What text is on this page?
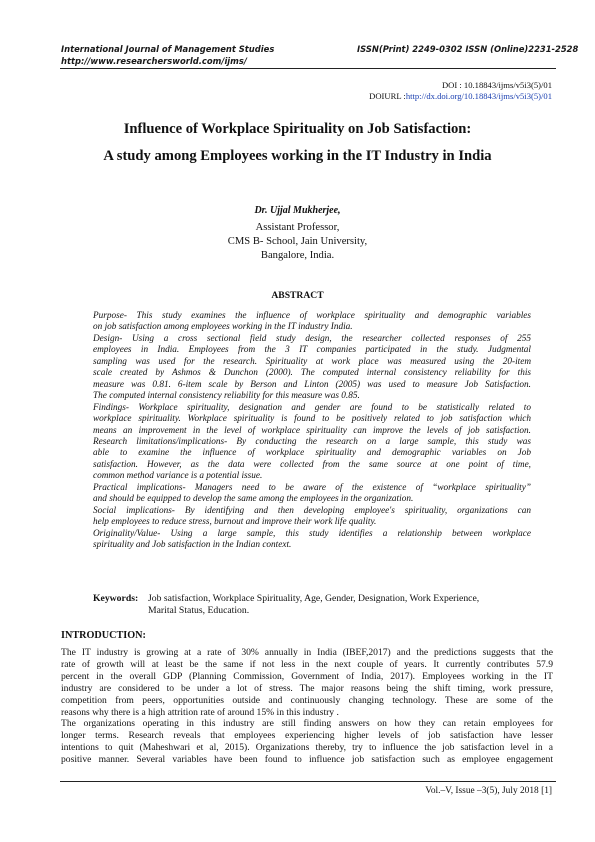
International Journal of Management Studies	ISSN(Print) 2249-0302 ISSN (Online)2231-2528
http://www.researchersworld.com/ijms/
DOI : 10.18843/ijms/v5i3(5)/01
DOIURL :http://dx.doi.org/10.18843/ijms/v5i3(5)/01
Influence of Workplace Spirituality on Job Satisfaction:
A study among Employees working in the IT Industry in India
Dr. Ujjal Mukherjee,
Assistant Professor,
CMS B- School, Jain University,
Bangalore, India.
ABSTRACT
Purpose- This study examines the influence of workplace spirituality and demographic variables
on job satisfaction among employees working in the IT industry India.
Design- Using a cross sectional field study design, the researcher collected responses of 255
employees in India. Employees from the 3 IT companies participated in the study. Judgmental
sampling was used for the research. Spirituality at work place was measured using the 20-item
scale created by Ashmos & Dunchon (2000). The computed internal consistency reliability for this
measure was 0.81. 6-item scale by Berson and Linton (2005) was used to measure Job Satisfaction.
The computed internal consistency reliability for this measure was 0.85.
Findings- Workplace spirituality, designation and gender are found to be statistically related to
workplace spirituality. Workplace spirituality is found to be positively related to job satisfaction which
means an improvement in the level of workplace spirituality can improve the levels of job satisfaction.
Research limitations/implications- By conducting the research on a large sample, this study was
able to examine the influence of workplace spirituality and demographic variables on Job
satisfaction. However, as the data were collected from the same source at one point of time,
common method variance is a potential issue.
Practical implications- Managers need to be aware of the existence of “workplace spirituality”
and should be equipped to develop the same among the employees in the organization.
Social implications- By identifying and then developing employee's spirituality, organizations can
help employees to reduce stress, burnout and improve their work life quality.
Originality/Value- Using a large sample, this study identifies a relationship between workplace
spirituality and Job satisfaction in the Indian context.
Keywords: Job satisfaction, Workplace Spirituality, Age, Gender, Designation, Work Experience,
Marital Status, Education.
INTRODUCTION:
The IT industry is growing at a rate of 30% annually in India (IBEF,2017) and the predictions suggests that the
rate of growth will at least be the same if not less in the next couple of years. It currently contributes 57.9
percent in the overall GDP (Planning Commission, Government of India, 2017). Employees working in the IT
industry are considered to be under a lot of stress. The major reasons being the shift timing, work pressure,
competition from peers, opportunities outside and continuously changing technology. These are some of the
reasons why there is a high attrition rate of around 15% in this industry .
The organizations operating in this industry are still finding answers on how they can retain employees for
longer terms. Research reveals that employees experiencing higher levels of job satisfaction have lesser
intentions to quit (Maheshwari et al, 2015). Organizations thereby, try to influence the job satisfaction level in a
positive manner. Several variables have been found to influence job satisfaction such as employee engagement
Vol.–V, Issue –3(5), July 2018 [1]
